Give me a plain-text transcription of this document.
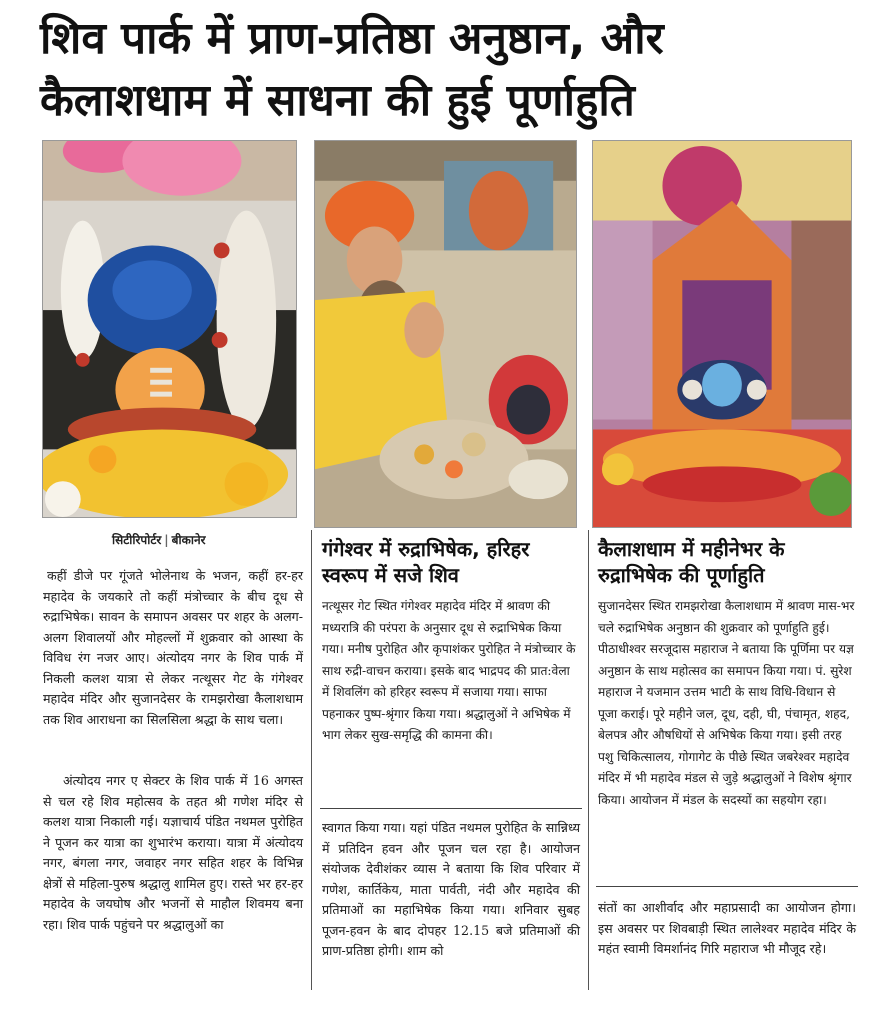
शिव पार्क में प्राण-प्रतिष्ठा अनुष्ठान, और
कैलाशधाम में साधना की हुई पूर्णाहुति
सिटीरिपोर्टर | बीकानेर
कहीं डीजे पर गूंजते भोलेनाथ के भजन, कहीं हर-हर महादेव के जयकारे तो कहीं मंत्रोच्चार के बीच दूध से रुद्राभिषेक। सावन के समापन अवसर पर शहर के अलग-अलग शिवालयों और मोहल्लों में शुक्रवार को आस्था के विविध रंग नजर आए। अंत्योदय नगर के शिव पार्क में निकली कलश यात्रा से लेकर नत्थूसर गेट के गंगेश्वर महादेव मंदिर और सुजानदेसर के रामझरोखा कैलाशधाम तक शिव आराधना का सिलसिला श्रद्धा के साथ चला।
अंत्योदय नगर ए सेक्टर के शिव पार्क में 16 अगस्त से चल रहे शिव महोत्सव के तहत श्री गणेश मंदिर से कलश यात्रा निकाली गई। यज्ञाचार्य पंडित नथमल पुरोहित ने पूजन कर यात्रा का शुभारंभ कराया। यात्रा में अंत्योदय नगर, बंगला नगर, जवाहर नगर सहित शहर के विभिन्न क्षेत्रों से महिला-पुरुष श्रद्धालु शामिल हुए। रास्ते भर हर-हर महादेव के जयघोष और भजनों से माहौल शिवमय बना रहा। शिव पार्क पहुंचने पर श्रद्धालुओं का
गंगेश्वर में रुद्राभिषेक, हरिहर स्वरूप में सजे शिव
नत्थूसर गेट स्थित गंगेश्वर महादेव मंदिर में श्रावण की मध्यरात्रि की परंपरा के अनुसार दूध से रुद्राभिषेक किया गया। मनीष पुरोहित और कृपाशंकर पुरोहित ने मंत्रोच्चार के साथ रुद्री-वाचन कराया। इसके बाद भाद्रपद की प्रात:वेला में शिवलिंग को हरिहर स्वरूप में सजाया गया। साफा पहनाकर पुष्प-श्रृंगार किया गया। श्रद्धालुओं ने अभिषेक में भाग लेकर सुख-समृद्धि की कामना की।
स्वागत किया गया। यहां पंडित नथमल पुरोहित के सान्निध्य में प्रतिदिन हवन और पूजन चल रहा है। आयोजन संयोजक देवीशंकर व्यास ने बताया कि शिव परिवार में गणेश, कार्तिकेय, माता पार्वती, नंदी और महादेव की प्रतिमाओं का महाभिषेक किया गया। शनिवार सुबह पूजन-हवन के बाद दोपहर 12.15 बजे प्रतिमाओं की प्राण-प्रतिष्ठा होगी। शाम को
कैलाशधाम में महीनेभर के रुद्राभिषेक की पूर्णाहुति
सुजानदेसर स्थित रामझरोखा कैलाशधाम में श्रावण मास-भर चले रुद्राभिषेक अनुष्ठान की शुक्रवार को पूर्णाहुति हुई। पीठाधीश्वर सरजूदास महाराज ने बताया कि पूर्णिमा पर यज्ञ अनुष्ठान के साथ महोत्सव का समापन किया गया। पं. सुरेश महाराज ने यजमान उत्तम भाटी के साथ विधि-विधान से पूजा कराई। पूरे महीने जल, दूध, दही, घी, पंचामृत, शहद, बेलपत्र और औषधियों से अभिषेक किया गया। इसी तरह पशु चिकित्सालय, गोगागेट के पीछे स्थित जबरेश्वर महादेव मंदिर में भी महादेव मंडल से जुड़े श्रद्धालुओं ने विशेष श्रृंगार किया। आयोजन में मंडल के सदस्यों का सहयोग रहा।
संतों का आशीर्वाद और महाप्रसादी का आयोजन होगा। इस अवसर पर शिवबाड़ी स्थित लालेश्वर महादेव मंदिर के महंत स्वामी विमर्शानंद गिरि महाराज भी मौजूद रहे।
